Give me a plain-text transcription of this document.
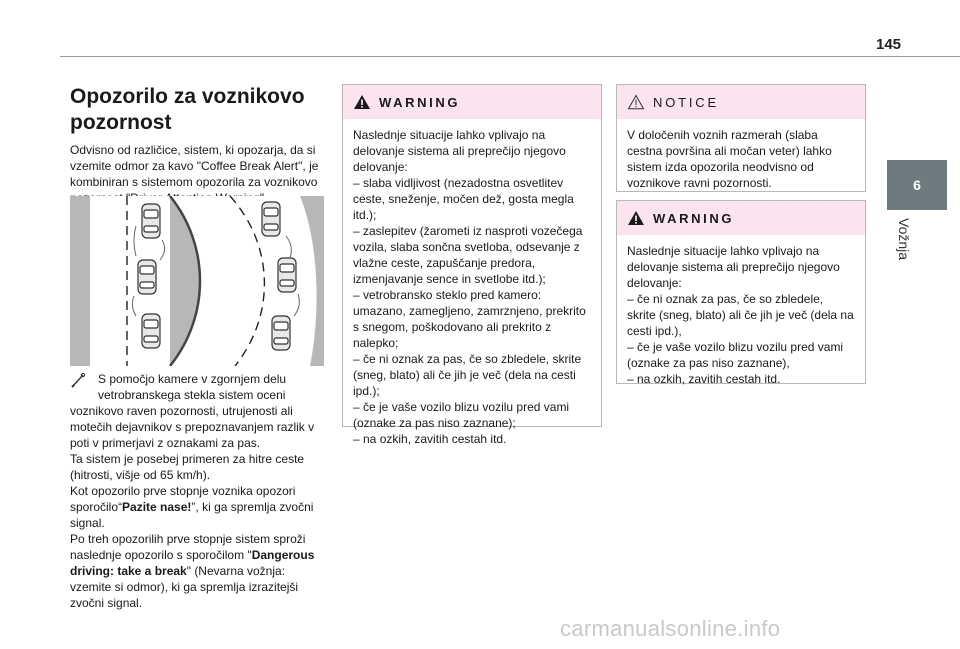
145
6
Vožnja
Opozorilo za voznikovo pozornost

Odvisno od različice, sistem, ki opozarja, da si vzemite odmor za kavo "Coffee Break Alert", je kombiniran s sistemom opozorila za voznikovo

S pomočjo kamere v zgornjem delu

vetrobranskega stekla sistem oceni

voznikovo raven pozornosti, utrujenosti ali motečih dejavnikov s prepoznavanjem razlik v poti v primerjavi z oznakami za pas.

Ta sistem je posebej primeren za hitre ceste (hitrosti, višje od 65 km/h).

Kot opozorilo prve stopnje voznika opozori sporočilo“Pazite nase!”, ki ga spremlja zvočni signal.

Po treh opozorilih prve stopnje sistem sproži naslednje opozorilo s sporočilom "Dangerous driving: take a break" (Nevarna vožnja: vzemite si odmor), ki ga spremlja izrazitejši zvočni signal.

WARNING

Naslednje situacije lahko vplivajo na delovanje sistema ali preprečijo njegovo delovanje:

– slaba vidljivost (nezadostna osvetlitev ceste, sneženje, močen dež, gosta megla itd.);

– zaslepitev (žarometi iz nasproti vozečega vozila, slaba sončna svetloba, odsevanje z vlažne ceste, zapuščanje predora, izmenjavanje sence in svetlobe itd.);

– vetrobransko steklo pred kamero: umazano, zamegljeno, zamrznjeno, prekrito s snegom, poškodovano ali prekrito z nalepko;

– če ni oznak za pas, če so zbledele, skrite (sneg, blato) ali če jih je več (dela na cesti ipd.);

– če je vaše vozilo blizu vozilu pred vami (oznake za pas niso zaznane);

– na ozkih, zavitih cestah itd.

NOTICE

V določenih voznih razmerah (slaba cestna površina ali močan veter) lahko sistem izda opozorila neodvisno od voznikove ravni pozornosti.

WARNING

Naslednje situacije lahko vplivajo na delovanje sistema ali preprečijo njegovo delovanje:

– če ni oznak za pas, če so zbledele, skrite (sneg, blato) ali če jih je več (dela na cesti ipd.),

– če je vaše vozilo blizu vozilu pred vami (oznake za pas niso zaznane),

– na ozkih, zavitih cestah itd.

carmanualsonline.info
